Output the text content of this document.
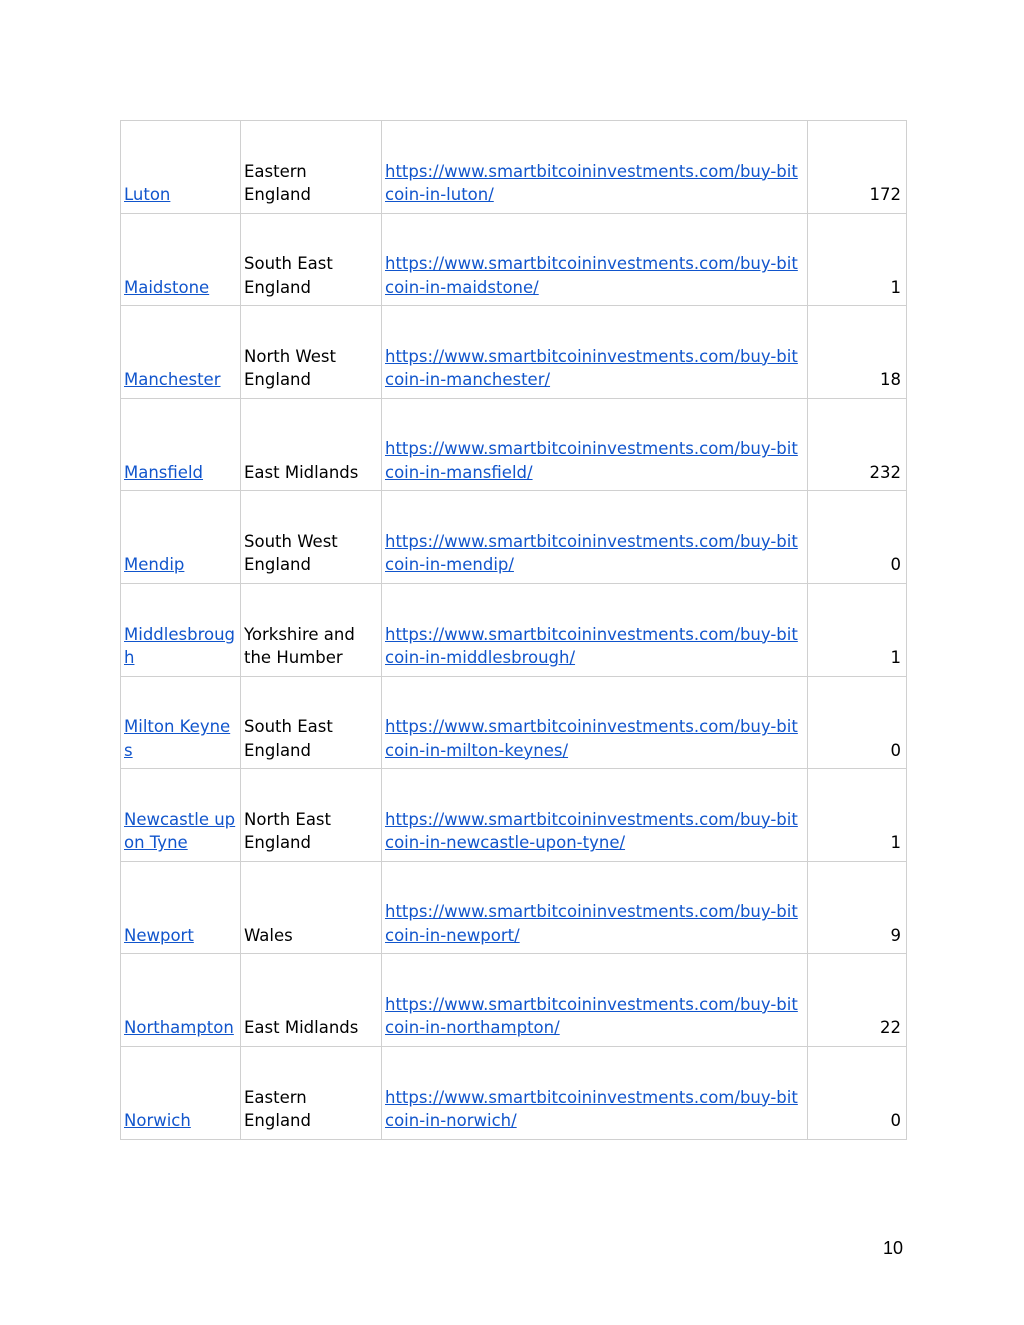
Luton	Eastern England	https://www.smartbitcoininvestments.com/buy-bitcoin-in-luton/	172
Maidstone	South East England	https://www.smartbitcoininvestments.com/buy-bitcoin-in-maidstone/	1
Manchester	North West England	https://www.smartbitcoininvestments.com/buy-bitcoin-in-manchester/	18
Mansfield	East Midlands	https://www.smartbitcoininvestments.com/buy-bitcoin-in-mansfield/	232
Mendip	South West England	https://www.smartbitcoininvestments.com/buy-bitcoin-in-mendip/	0
Middlesbrough	Yorkshire and the Humber	https://www.smartbitcoininvestments.com/buy-bitcoin-in-middlesbrough/	1
Milton Keynes	South East England	https://www.smartbitcoininvestments.com/buy-bitcoin-in-milton-keynes/	0
Newcastle upon Tyne	North East England	https://www.smartbitcoininvestments.com/buy-bitcoin-in-newcastle-upon-tyne/	1
Newport	Wales	https://www.smartbitcoininvestments.com/buy-bitcoin-in-newport/	9
Northampton	East Midlands	https://www.smartbitcoininvestments.com/buy-bitcoin-in-northampton/	22
Norwich	Eastern England	https://www.smartbitcoininvestments.com/buy-bitcoin-in-norwich/	0
10
